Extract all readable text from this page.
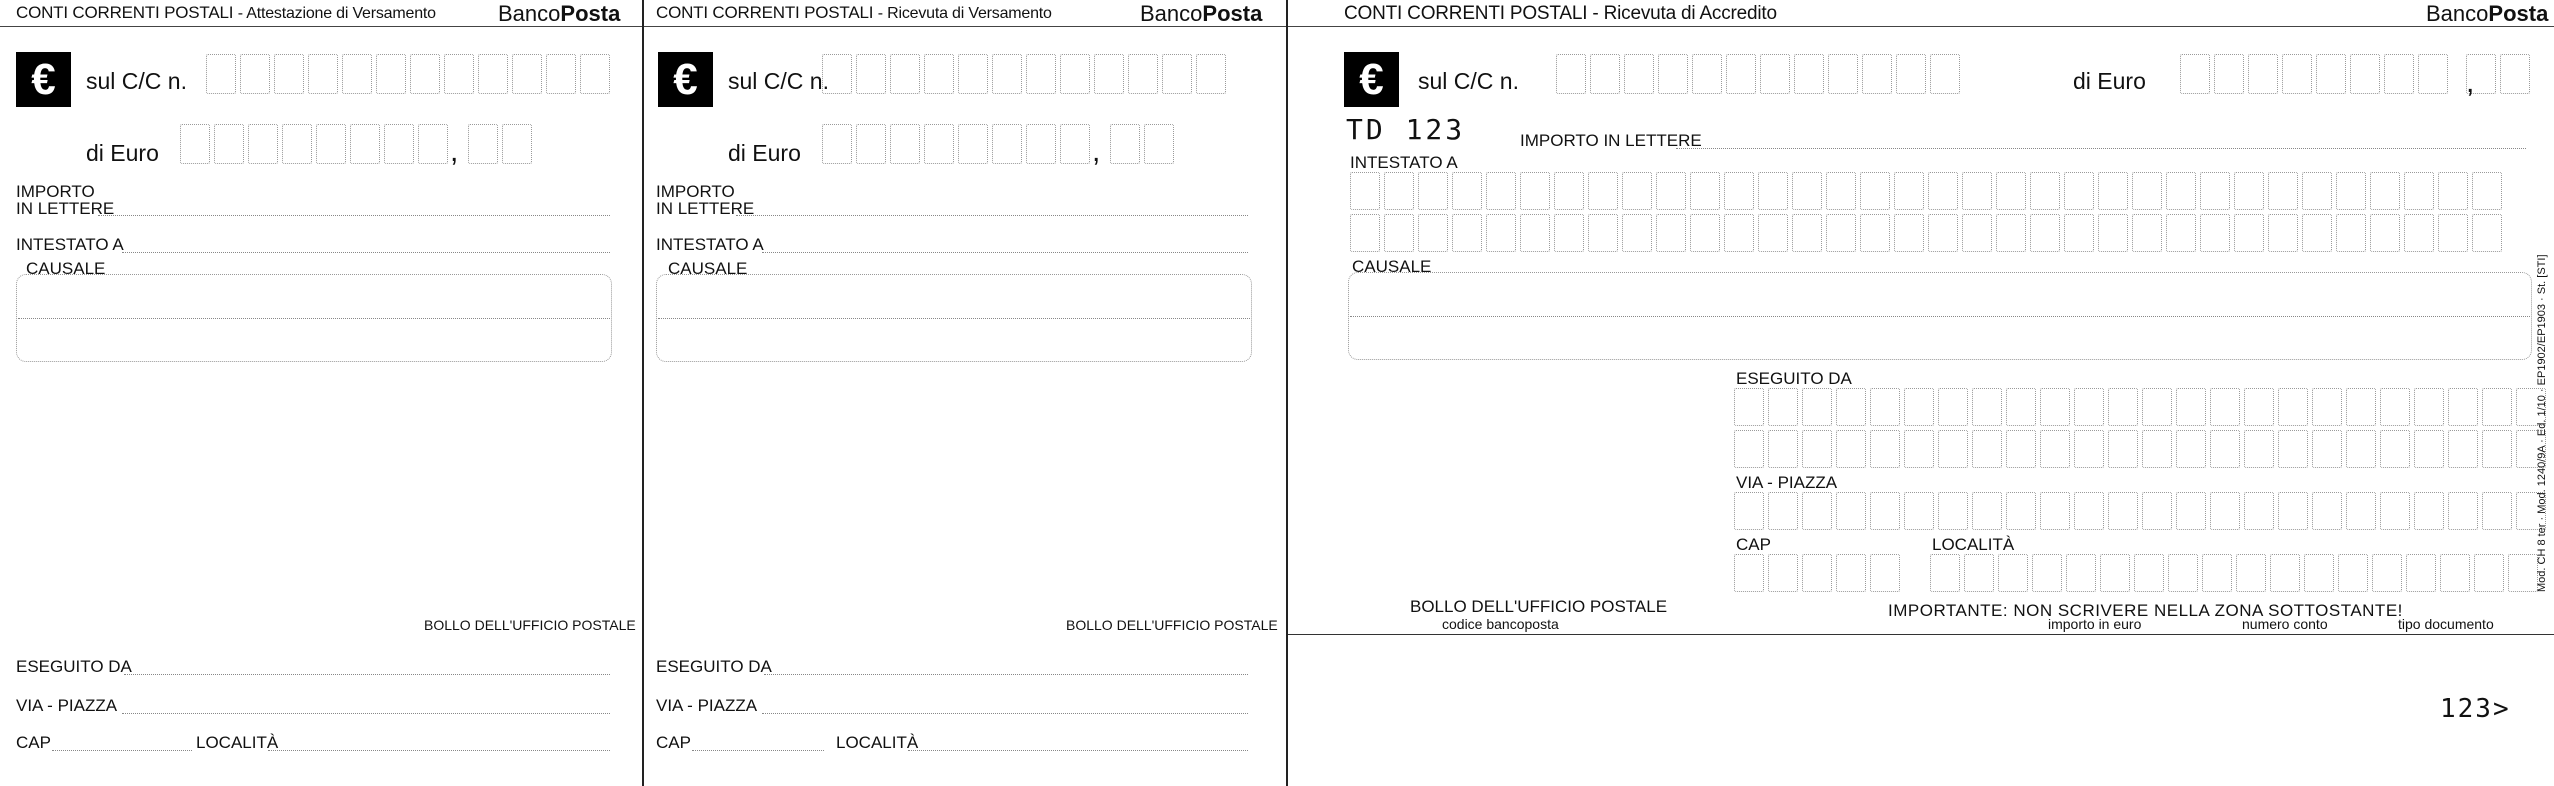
CONTI CORRENTI POSTALI - Attestazione di Versamento	BancoPosta
€	sul C/C n.
di Euro	,
IMPORTO
IN LETTERE
INTESTATO A
CAUSALE
BOLLO DELL'UFFICIO POSTALE
ESEGUITO DA
VIA - PIAZZA
CAP	LOCALITÀ
CONTI CORRENTI POSTALI - Ricevuta di Versamento	BancoPosta
€	sul C/C n.
di Euro	,
IMPORTO
IN LETTERE
INTESTATO A
CAUSALE
BOLLO DELL'UFFICIO POSTALE
ESEGUITO DA
VIA - PIAZZA
CAP	LOCALITÀ
CONTI CORRENTI POSTALI - Ricevuta di Accredito	BancoPosta
€	sul C/C n.	di Euro	,
TD 123	IMPORTO IN LETTERE
INTESTATO A
CAUSALE
ESEGUITO DA
VIA - PIAZZA
CAP	LOCALITÀ	Mod. CH 8 ter · Mod. 1240/9A · Ed. 1/10 · EP1902/EP1903 · St. [STI]
BOLLO DELL'UFFICIO POSTALE
codice bancoposta
IMPORTANTE: NON SCRIVERE NELLA ZONA SOTTOSTANTE!
importo in euro	numero conto	tipo documento
123>
